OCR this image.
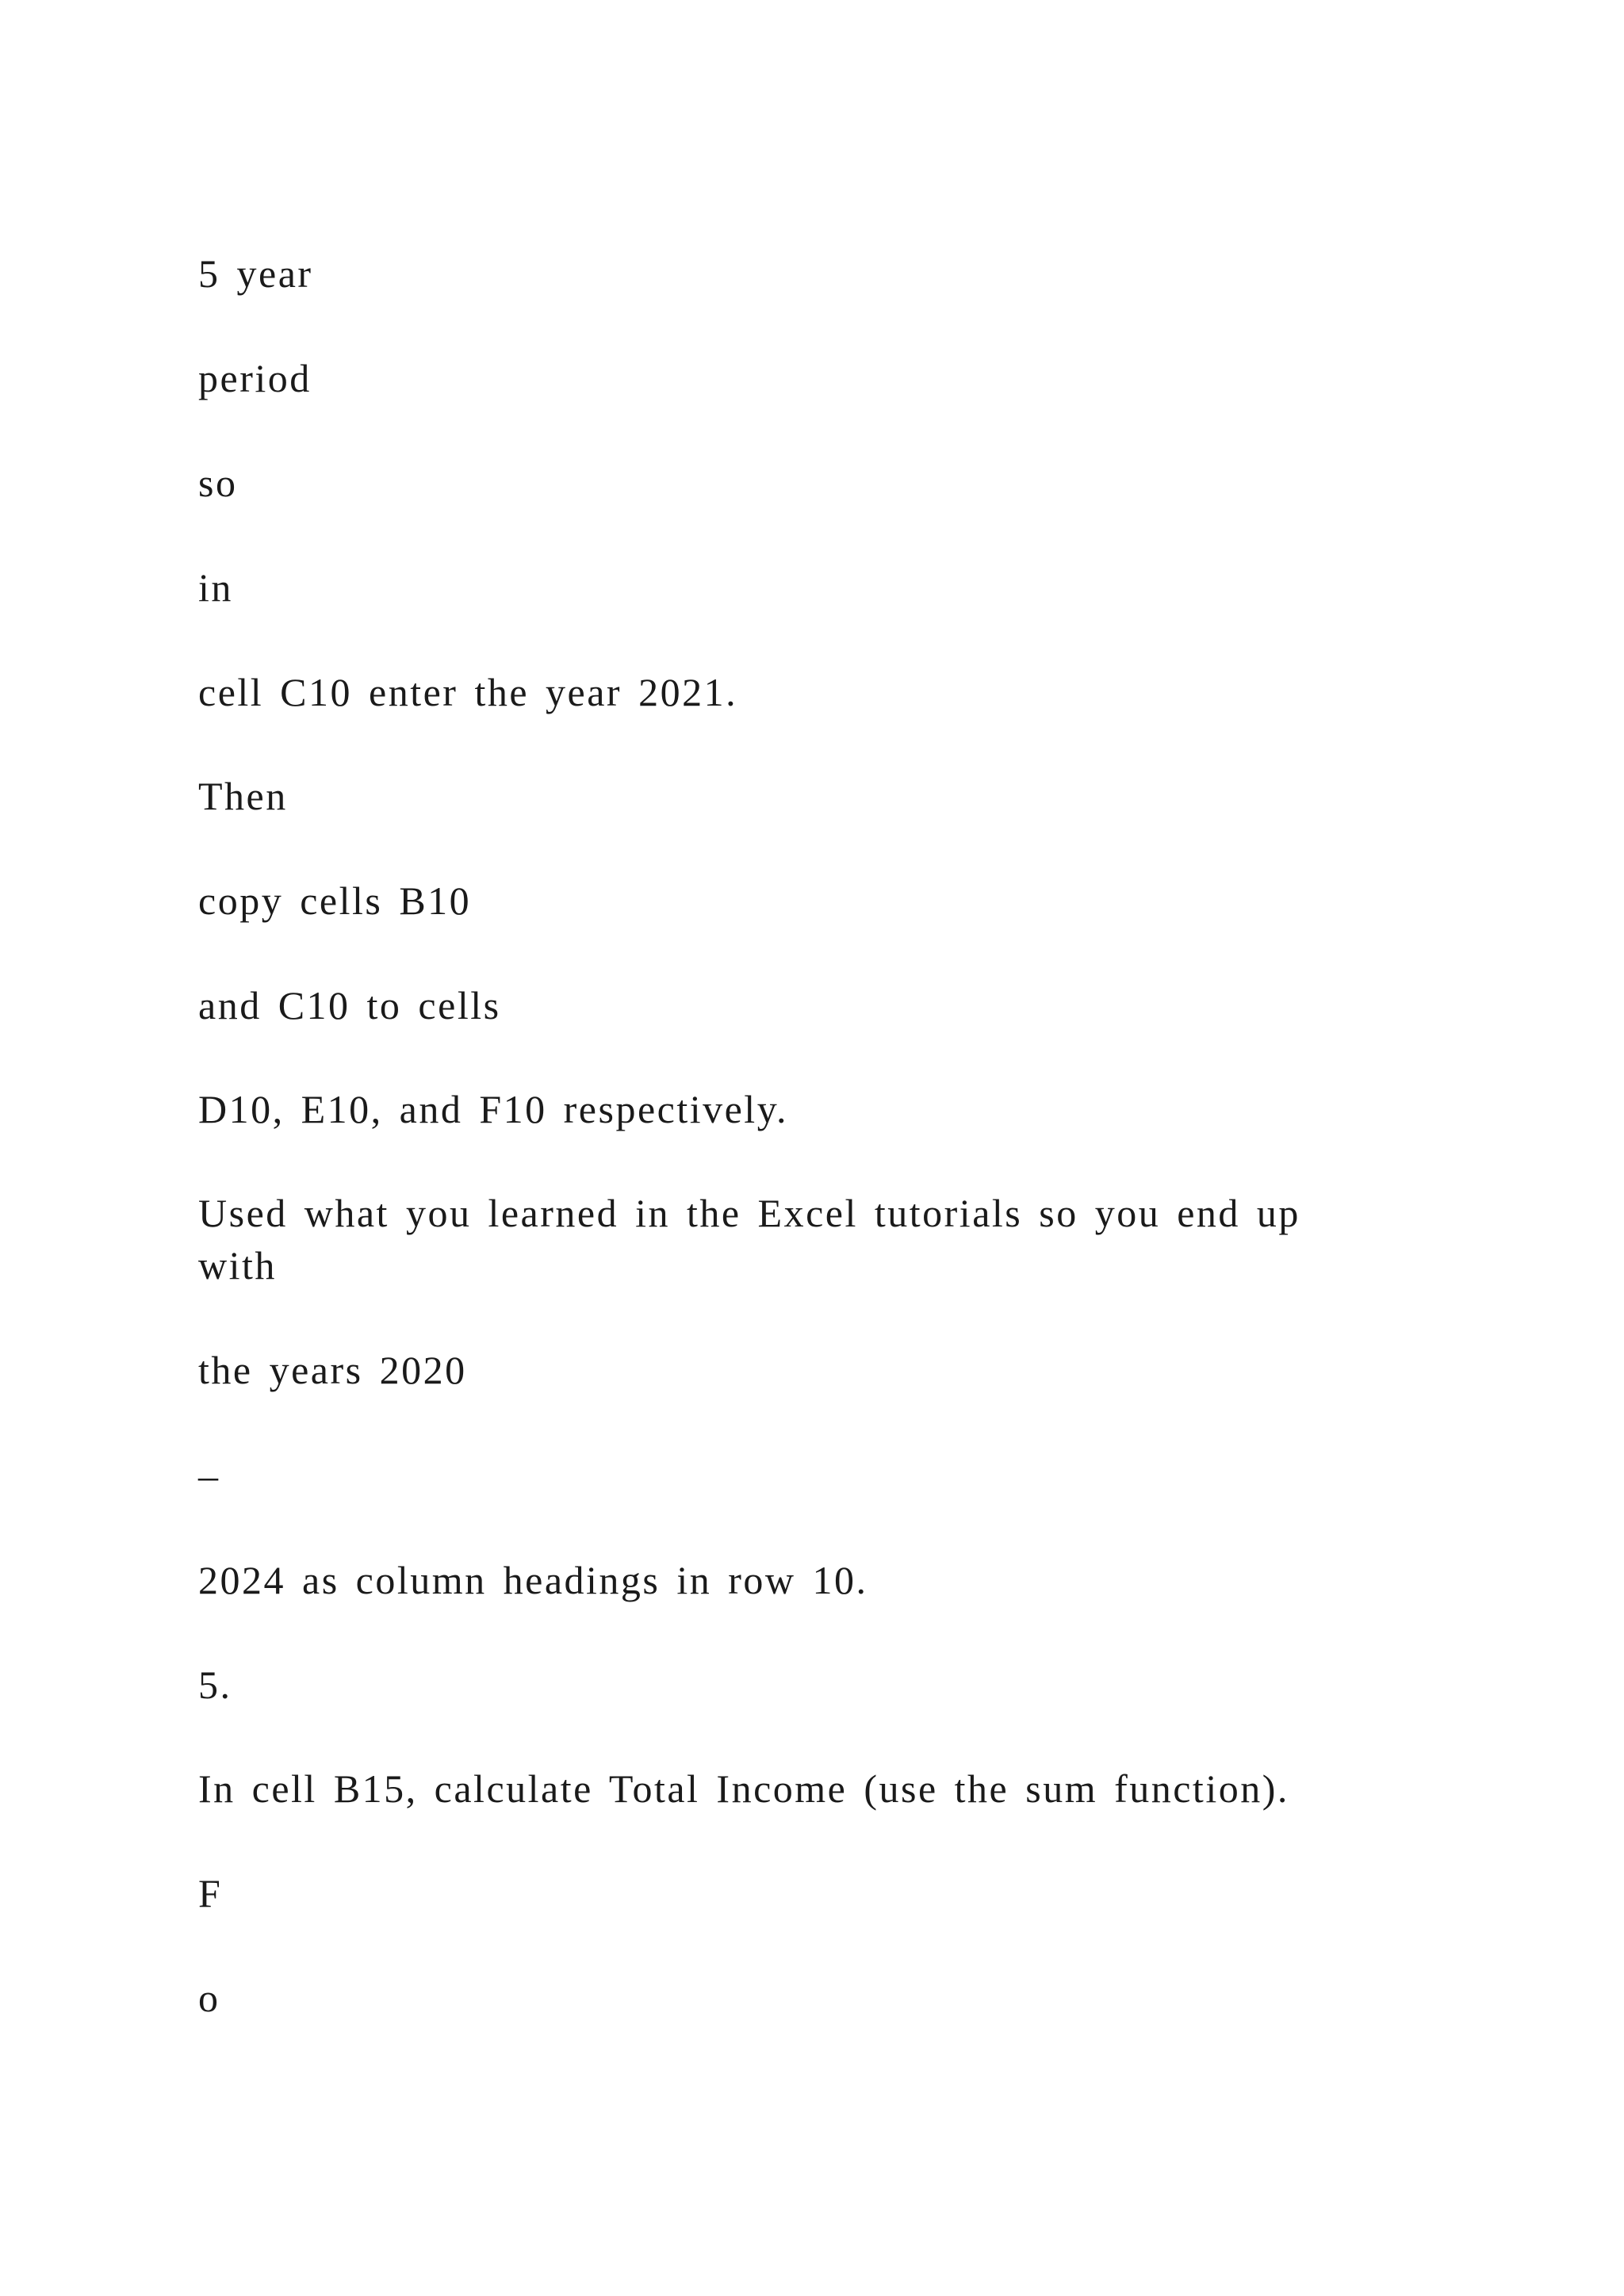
5 year

period

so

in

cell C10 enter the year 2021.

Then

copy cells B10

and C10 to cells

D10, E10, and F10 respectively.

Used what you learned in the Excel tutorials so you end up with

the years 2020

–

2024 as column headings in row 10.

5.

In cell B15, calculate Total Income (use the sum function).

F

o
